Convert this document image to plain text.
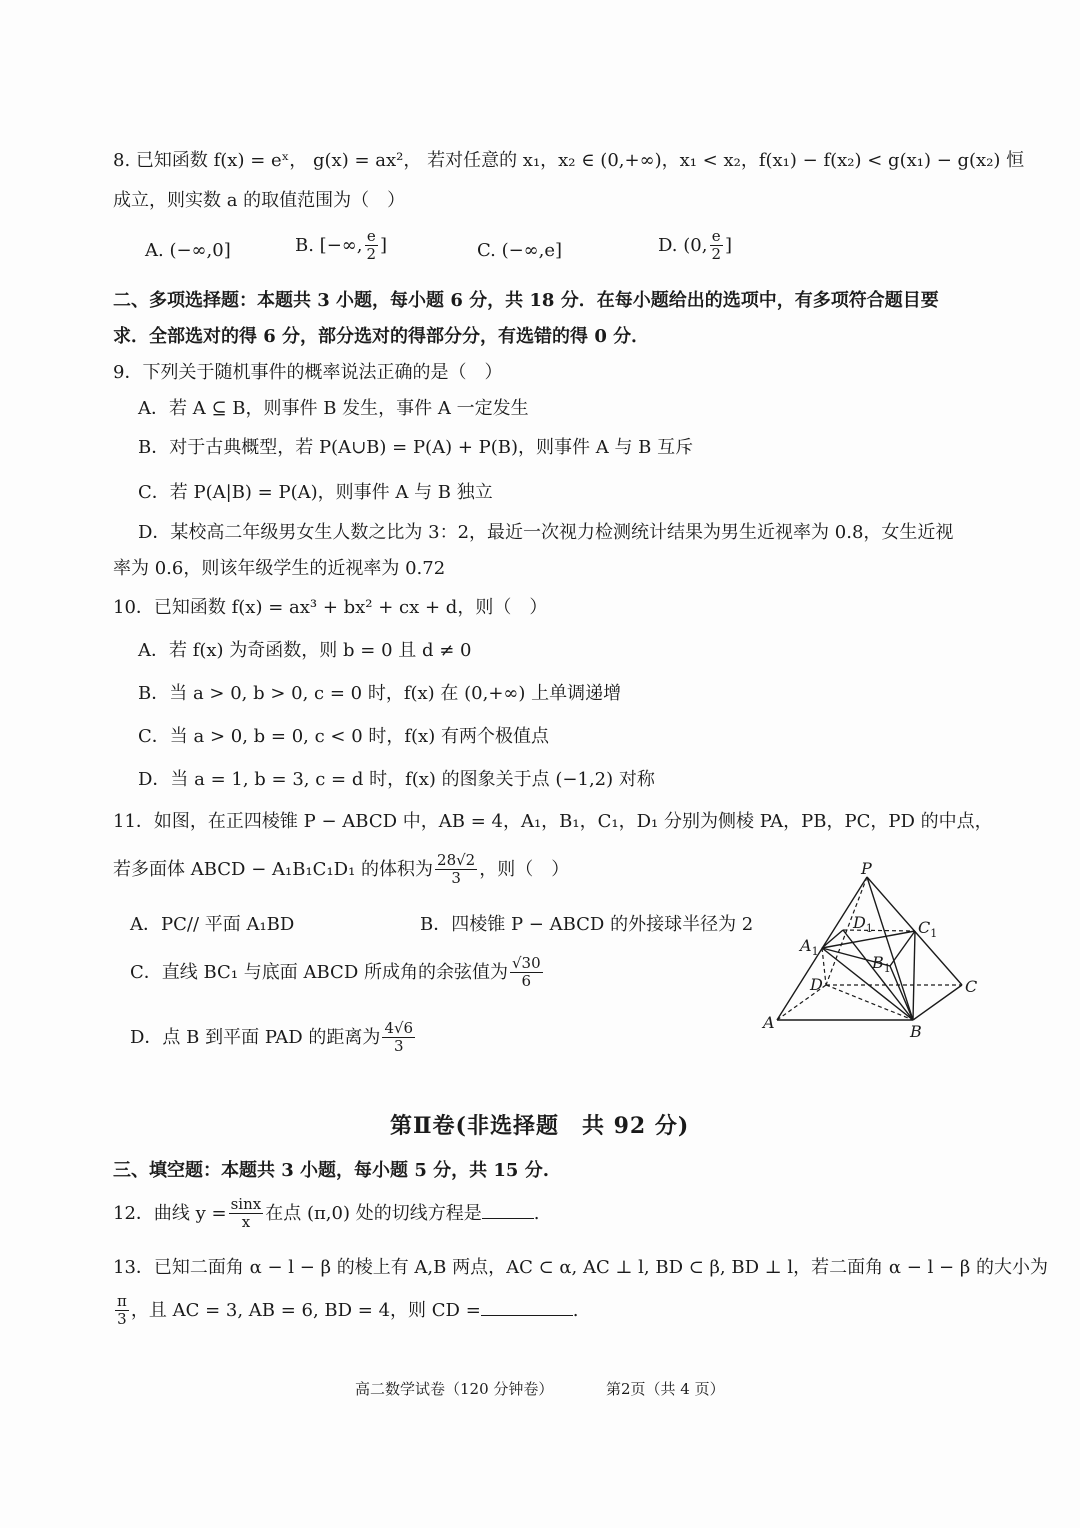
8. 已知函数 f(x) = eˣ， g(x) = ax²， 若对任意的 x₁，x₂ ∈ (0,+∞)，x₁ < x₂，f(x₁) − f(x₂) < g(x₁) − g(x₂) 恒
成立，则实数 a 的取值范围为（　）
A. (−∞,0]	B. [−∞, $\frac{e}{2}$ ]	C. (−∞,e]	D. (0, $\frac{e}{2}$ ]
二、多项选择题：本题共 3 小题，每小题 6 分，共 18 分．在每小题给出的选项中，有多项符合题目要
求．全部选对的得 6 分，部分选对的得部分分，有选错的得 0 分．
9．下列关于随机事件的概率说法正确的是（　）
A．若 A ⊆ B，则事件 B 发生，事件 A 一定发生
B．对于古典概型，若 P(A∪B) = P(A) + P(B)，则事件 A 与 B 互斥
C．若 P(A|B) = P(A)，则事件 A 与 B 独立
D．某校高二年级男女生人数之比为 3：2，最近一次视力检测统计结果为男生近视率为 0.8，女生近视
率为 0.6，则该年级学生的近视率为 0.72
10．已知函数 f(x) = ax³ + bx² + cx + d，则（　）
A．若 f(x) 为奇函数，则 b = 0 且 d ≠ 0
B．当 a > 0, b > 0, c = 0 时，f(x) 在 (0,+∞) 上单调递增
C．当 a > 0, b = 0, c < 0 时，f(x) 有两个极值点
D．当 a = 1, b = 3, c = d 时，f(x) 的图象关于点 (−1,2) 对称
11．如图，在正四棱锥 P − ABCD 中，AB = 4，A₁，B₁，C₁，D₁ 分别为侧棱 PA，PB，PC，PD 的中点，
若多面体 ABCD − A₁B₁C₁D₁ 的体积为 $\frac{28√2}{3}$ ，则（　）
A．PC// 平面 A₁BD	B．四棱锥 P − ABCD 的外接球半径为 2
C．直线 BC₁ 与底面 ABCD 所成角的余弦值为 $\frac{√30}{6}$
D．点 B 到平面 PAD 的距离为 $\frac{4√6}{3}$
P
A	B
C
D
$A_1$
$B_1$
$C_1$
$D_1$
第Ⅱ卷(非选择题　共 92 分)
三、填空题：本题共 3 小题，每小题 5 分，共 15 分.
12．曲线 $y = \frac{\sin x}{x}$ 在点 (π,0) 处的切线方程是	.
13．已知二面角 α − l − β 的棱上有 A,B 两点，AC ⊂ α, AC ⊥ l, BD ⊂ β, BD ⊥ l，若二面角 α − l − β 的大小为
$\frac{\pi}{3}$ ，且 AC = 3, AB = 6, BD = 4，则 CD =	.
高二数学试卷（120 分钟卷）	第2页（共 4 页）
